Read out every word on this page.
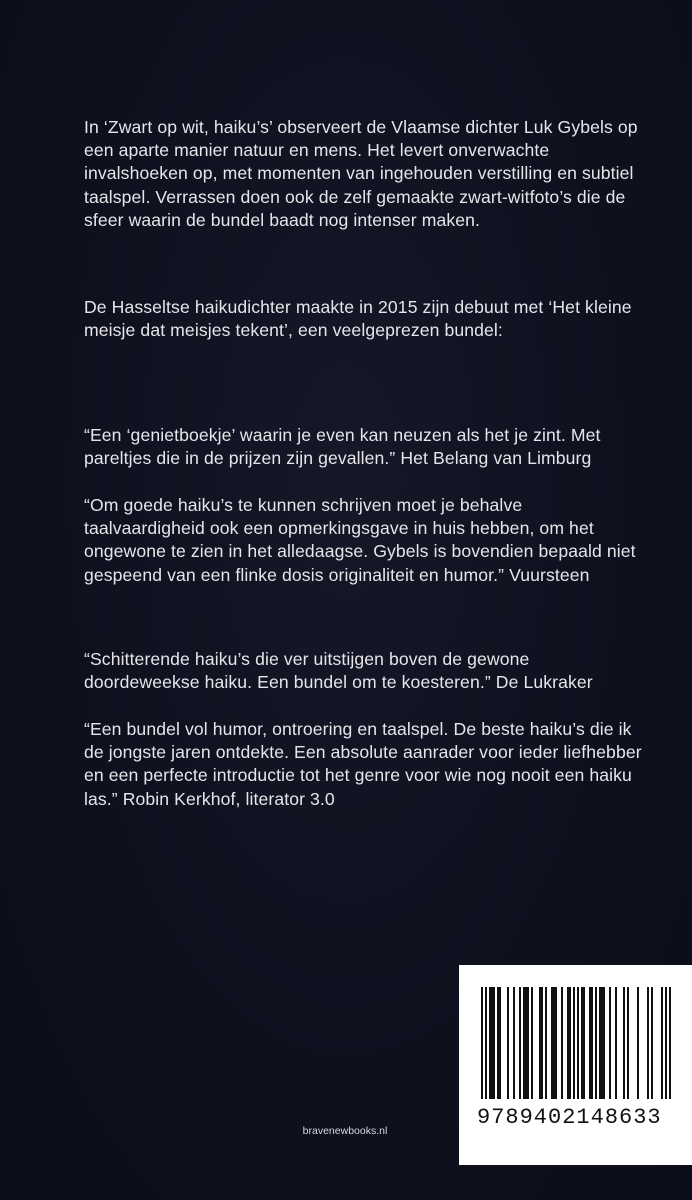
In ‘Zwart op wit, haiku’s’ observeert de Vlaamse dichter Luk Gybels op een aparte manier natuur en mens. Het levert onverwachte invalshoeken op, met momenten van ingehouden verstilling en subtiel taalspel. Verrassen doen ook de zelf gemaakte zwart-witfoto’s die de sfeer waarin de bundel baadt nog intenser maken.

De Hasseltse haikudichter maakte in 2015 zijn debuut met ‘Het kleine meisje dat meisjes tekent’, een veelgeprezen bundel:

“Een ‘genietboekje’ waarin je even kan neuzen als het je zint. Met pareltjes die in de prijzen zijn gevallen.” Het Belang van Limburg

“Om goede haiku’s te kunnen schrijven moet je behalve taalvaardigheid ook een opmerkingsgave in huis hebben, om het ongewone te zien in het alledaagse. Gybels is bovendien bepaald niet gespeend van een flinke dosis originaliteit en humor.” Vuursteen

“Schitterende haiku’s die ver uitstijgen boven de gewone doordeweekse haiku. Een bundel om te koesteren.” De Lukraker

“Een bundel vol humor, ontroering en taalspel. De beste haiku’s die ik de jongste jaren ontdekte. Een absolute aanrader voor ieder liefhebber en een perfecte introductie tot het genre voor wie nog nooit een haiku las.” Robin Kerkhof, literator 3.0

9789402148633
bravenewbooks.nl
